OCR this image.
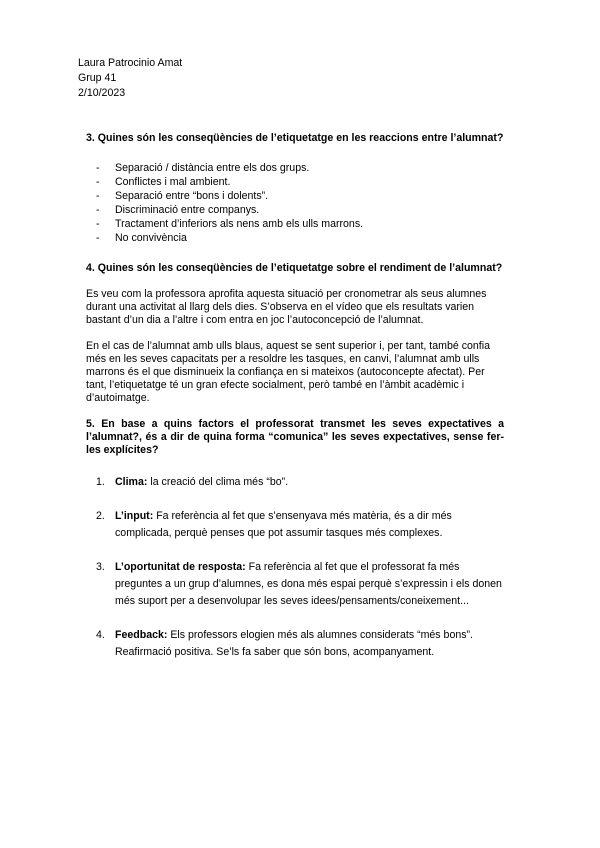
Laura Patrocinio Amat
Grup 41
2/10/2023

3. Quines són les conseqüències de l’etiquetatge en les reaccions entre l’alumnat?

- Separació / distància entre els dos grups.
- Conflictes i mal ambient.
- Separació entre “bons i dolents”.
- Discriminació entre companys.
- Tractament d’inferiors als nens amb els ulls marrons.
- No convivència

4. Quines són les conseqüències de l’etiquetatge sobre el rendiment de l’alumnat?

Es veu com la professora aprofita aquesta situació per cronometrar als seus alumnes durant una activitat al llarg dels dies. S’observa en el vídeo que els resultats varien bastant d’un dia a l’altre i com entra en joc l’autoconcepció de l’alumnat.

En el cas de l’alumnat amb ulls blaus, aquest se sent superior i, per tant, també confia més en les seves capacitats per a resoldre les tasques, en canvi, l’alumnat amb ulls marrons és el que disminueix la confiança en si mateixos (autoconcepte afectat). Per tant, l’etiquetatge té un gran efecte socialment, però també en l’àmbit acadèmic i d’autoimatge.

5. En base a quins factors el professorat transmet les seves expectatives a l’alumnat?, és a dir de quina forma “comunica” les seves expectatives, sense fer-les explícites?

1. Clima: la creació del clima més “bo”.
2. L’input: Fa referència al fet que s’ensenyava més matèria, és a dir més complicada, perquè penses que pot assumir tasques més complexes.
3. L’oportunitat de resposta: Fa referència al fet que el professorat fa més preguntes a un grup d’alumnes, es dona més espai perquè s’expressin i els donen més suport per a desenvolupar les seves idees/pensaments/coneixement...
4. Feedback: Els professors elogien més als alumnes considerats “més bons”. Reafirmació positiva. Se’ls fa saber que són bons, acompanyament.
